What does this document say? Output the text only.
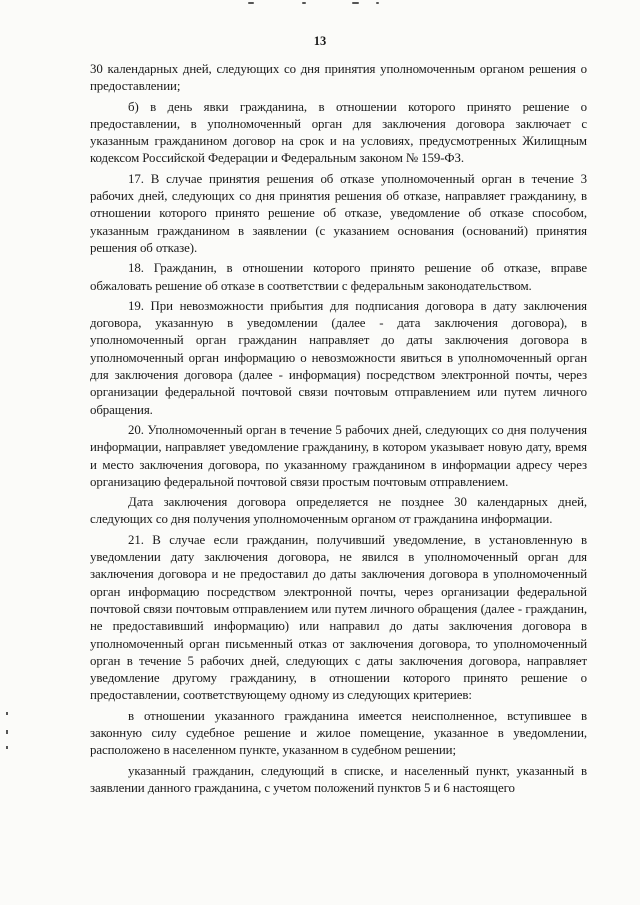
13

30 календарных дней, следующих со дня принятия уполномоченным органом решения о предоставлении;

б) в день явки гражданина, в отношении которого принято решение о предоставлении, в уполномоченный орган для заключения договора заключает с указанным гражданином договор на срок и на условиях, предусмотренных Жилищным кодексом Российской Федерации и Федеральным законом № 159-ФЗ.

17. В случае принятия решения об отказе уполномоченный орган в течение 3 рабочих дней, следующих со дня принятия решения об отказе, направляет гражданину, в отношении которого принято решение об отказе, уведомление об отказе способом, указанным гражданином в заявлении (с указанием основания (оснований) принятия решения об отказе).

18. Гражданин, в отношении которого принято решение об отказе, вправе обжаловать решение об отказе в соответствии с федеральным законодательством.

19. При невозможности прибытия для подписания договора в дату заключения договора, указанную в уведомлении (далее - дата заключения договора), в уполномоченный орган гражданин направляет до даты заключения договора в уполномоченный орган информацию о невозможности явиться в уполномоченный орган для заключения договора (далее - информация) посредством электронной почты, через организации федеральной почтовой связи почтовым отправлением или путем личного обращения.

20. Уполномоченный орган в течение 5 рабочих дней, следующих со дня получения информации, направляет уведомление гражданину, в котором указывает новую дату, время и место заключения договора, по указанному гражданином в информации адресу через организацию федеральной почтовой связи простым почтовым отправлением.

Дата заключения договора определяется не позднее 30 календарных дней, следующих со дня получения уполномоченным органом от гражданина информации.

21. В случае если гражданин, получивший уведомление, в установленную в уведомлении дату заключения договора, не явился в уполномоченный орган для заключения договора и не предоставил до даты заключения договора в уполномоченный орган информацию посредством электронной почты, через организации федеральной почтовой связи почтовым отправлением или путем личного обращения (далее - гражданин, не предоставивший информацию) или направил до даты заключения договора в уполномоченный орган письменный отказ от заключения договора, то уполномоченный орган в течение 5 рабочих дней, следующих с даты заключения договора, направляет уведомление другому гражданину, в отношении которого принято решение о предоставлении, соответствующему одному из следующих критериев:

в отношении указанного гражданина имеется неисполненное, вступившее в законную силу судебное решение и жилое помещение, указанное в уведомлении, расположено в населенном пункте, указанном в судебном решении;

указанный гражданин, следующий в списке, и населенный пункт, указанный в заявлении данного гражданина, с учетом положений пунктов 5 и 6 настоящего
